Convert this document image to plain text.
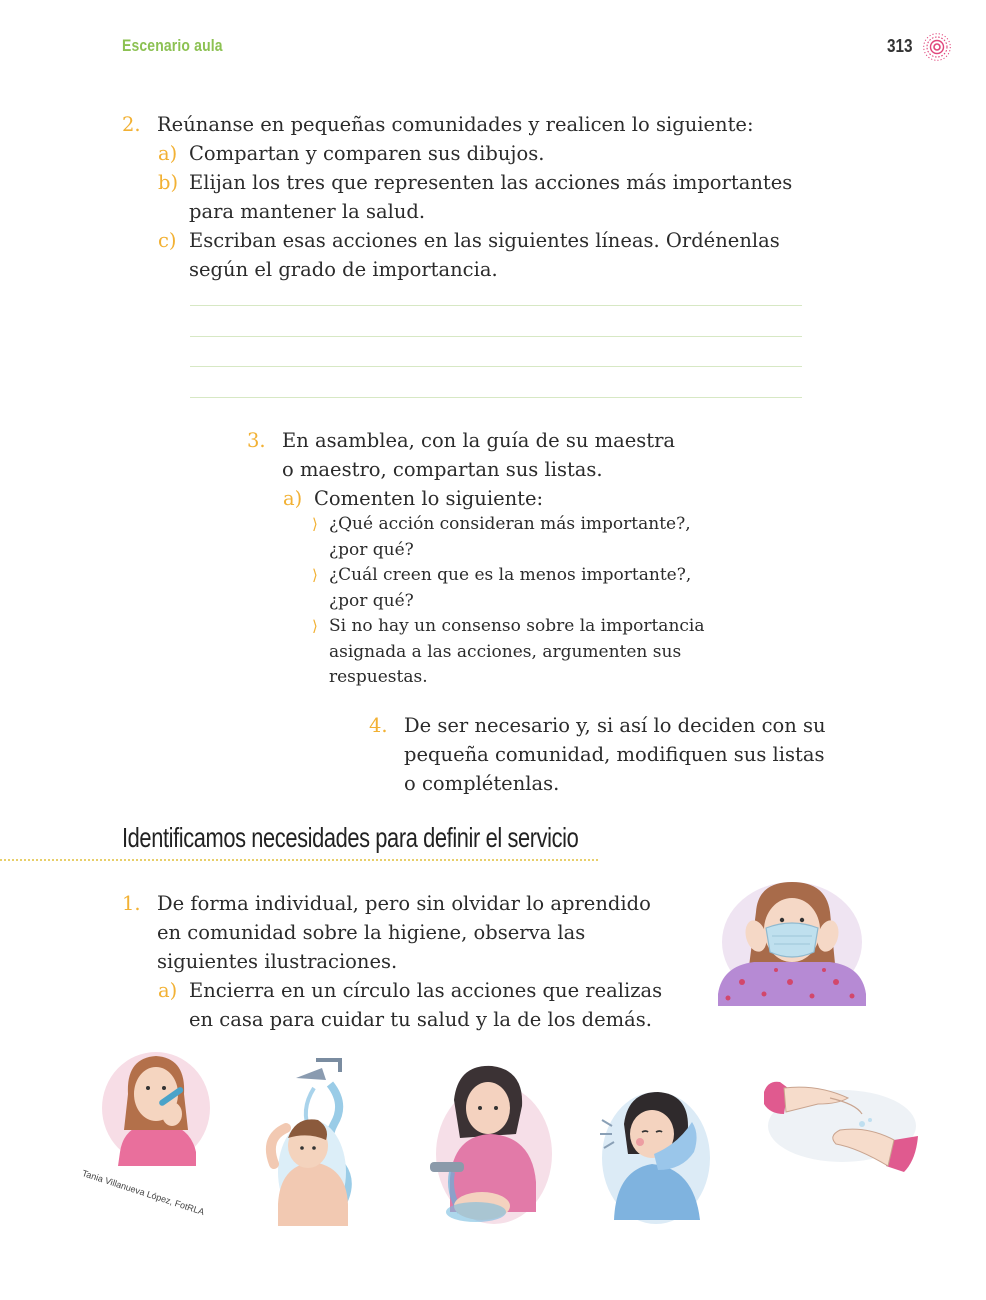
Escenario aula	313
2. Reúnanse en pequeñas comunidades y realicen lo siguiente:
a) Compartan y comparen sus dibujos.
b) Elijan los tres que representen las acciones más importantes
para mantener la salud.
c) Escriban esas acciones en las siguientes líneas. Ordénenlas
según el grado de importancia.
3. En asamblea, con la guía de su maestra
o maestro, compartan sus listas.
a) Comenten lo siguiente:
⟩ ¿Qué acción consideran más importante?,
¿por qué?
⟩ ¿Cuál creen que es la menos importante?,
¿por qué?
⟩ Si no hay un consenso sobre la importancia
asignada a las acciones, argumenten sus
respuestas.
4. De ser necesario y, si así lo deciden con su
pequeña comunidad, modifiquen sus listas
o complétenlas.
Identificamos necesidades para definir el servicio
1. De forma individual, pero sin olvidar lo aprendido
en comunidad sobre la higiene, observa las
siguientes ilustraciones.
a) Encierra en un círculo las acciones que realizas
en casa para cuidar tu salud y la de los demás.
Tania Villanueva López, FotRLA
